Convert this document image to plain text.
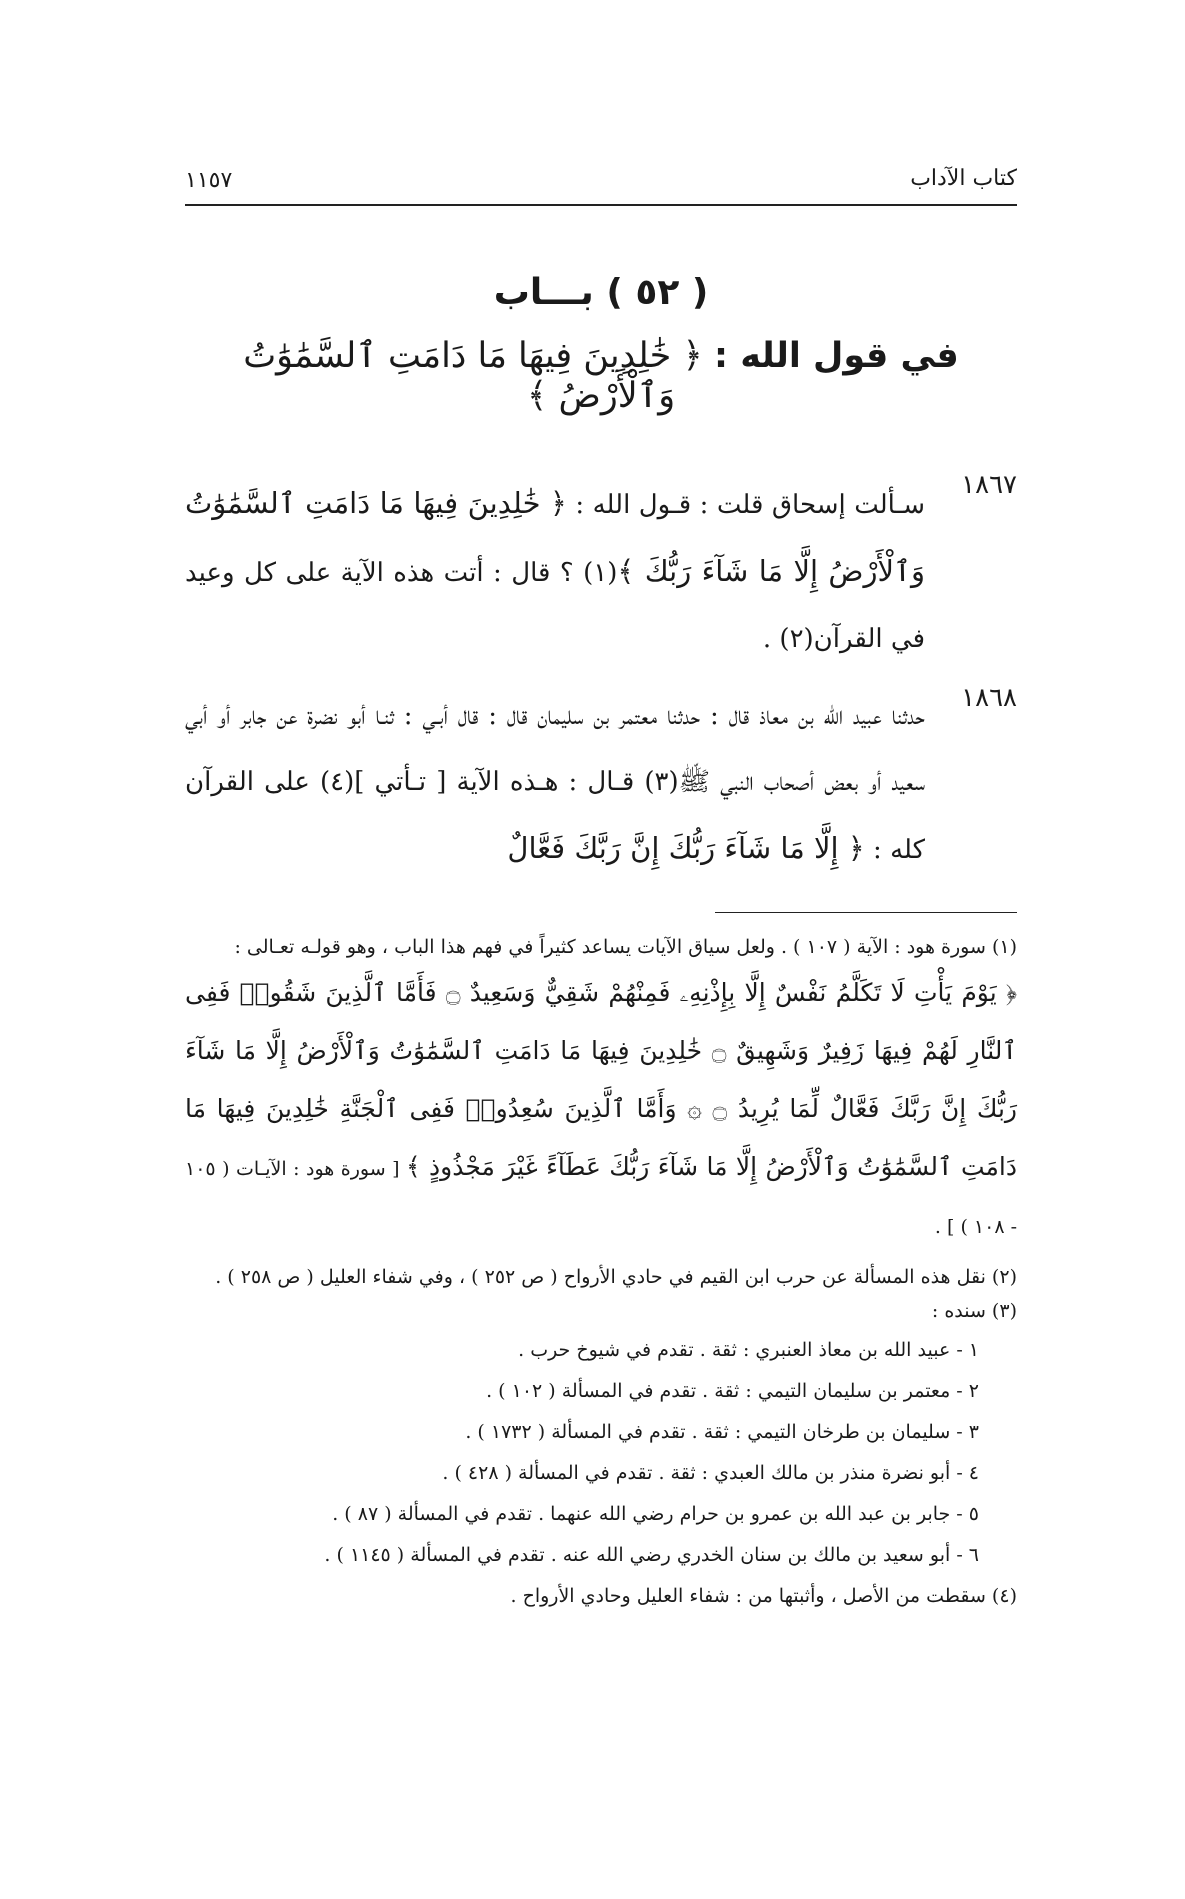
كتاب الآداب
١١٥٧
( ٥٢ ) بـــاب
في قول الله : ﴿ خَٰلِدِينَ فِيهَا مَا دَامَتِ ٱلسَّمَٰوَٰتُ وَٱلْأَرْضُ ﴾
١٨٦٧
سـألت إسحاق قلت : قـول الله : ﴿ خَٰلِدِينَ فِيهَا مَا دَامَتِ ٱلسَّمَٰوَٰتُ وَٱلْأَرْضُ إِلَّا مَا شَآءَ رَبُّكَ ﴾(١) ؟ قال : أتت هذه الآية على كل وعيد في القرآن(٢) .
١٨٦٨
حدثنا عبيد الله بن معاذ قال : حدثنا معتمر بن سليمان قال : قال أبـي : ثنـا أبو نضرة عن جابر أو أبي سعيد أو بعض أصحاب النبي ﷺ(٣) قـال : هـذه الآية [ تـأتي ](٤) على القرآن كله : ﴿ إِلَّا مَا شَآءَ رَبُّكَ إِنَّ رَبَّكَ فَعَّالٌ
(١) سورة هود : الآية ( ١٠٧ ) . ولعل سياق الآيات يساعد كثيراً في فهم هذا الباب ، وهو قولـه تعـالى :
﴿ يَوْمَ يَأْتِ لَا تَكَلَّمُ نَفْسٌ إِلَّا بِإِذْنِهِۦ فَمِنْهُمْ شَقِيٌّ وَسَعِيدٌ ۝ فَأَمَّا ٱلَّذِينَ شَقُوا۟ فَفِى ٱلنَّارِ لَهُمْ فِيهَا زَفِيرٌ وَشَهِيقٌ ۝ خَٰلِدِينَ فِيهَا مَا دَامَتِ ٱلسَّمَٰوَٰتُ وَٱلْأَرْضُ إِلَّا مَا شَآءَ رَبُّكَ إِنَّ رَبَّكَ فَعَّالٌ لِّمَا يُرِيدُ ۝ ۞ وَأَمَّا ٱلَّذِينَ سُعِدُوا۟ فَفِى ٱلْجَنَّةِ خَٰلِدِينَ فِيهَا مَا دَامَتِ ٱلسَّمَٰوَٰتُ وَٱلْأَرْضُ إِلَّا مَا شَآءَ رَبُّكَ عَطَآءً غَيْرَ مَجْذُوذٍ ﴾ [ سورة هود : الآيـات ( ١٠٥ - ١٠٨ ) ] .
(٢) نقل هذه المسألة عن حرب ابن القيم في حادي الأرواح ( ص ٢٥٢ ) ، وفي شفاء العليل ( ص ٢٥٨ ) .
(٣) سنده :
١ - عبيد الله بن معاذ العنبري : ثقة . تقدم في شيوخ حرب .
٢ - معتمر بن سليمان التيمي : ثقة . تقدم في المسألة ( ١٠٢ ) .
٣ - سليمان بن طرخان التيمي : ثقة . تقدم في المسألة ( ١٧٣٢ ) .
٤ - أبو نضرة منذر بن مالك العبدي : ثقة . تقدم في المسألة ( ٤٢٨ ) .
٥ - جابر بن عبد الله بن عمرو بن حرام رضي الله عنهما . تقدم في المسألة ( ٨٧ ) .
٦ - أبو سعيد بن مالك بن سنان الخدري رضي الله عنه . تقدم في المسألة ( ١١٤٥ ) .
(٤) سقطت من الأصل ، وأثبتها من : شفاء العليل وحادي الأرواح .
